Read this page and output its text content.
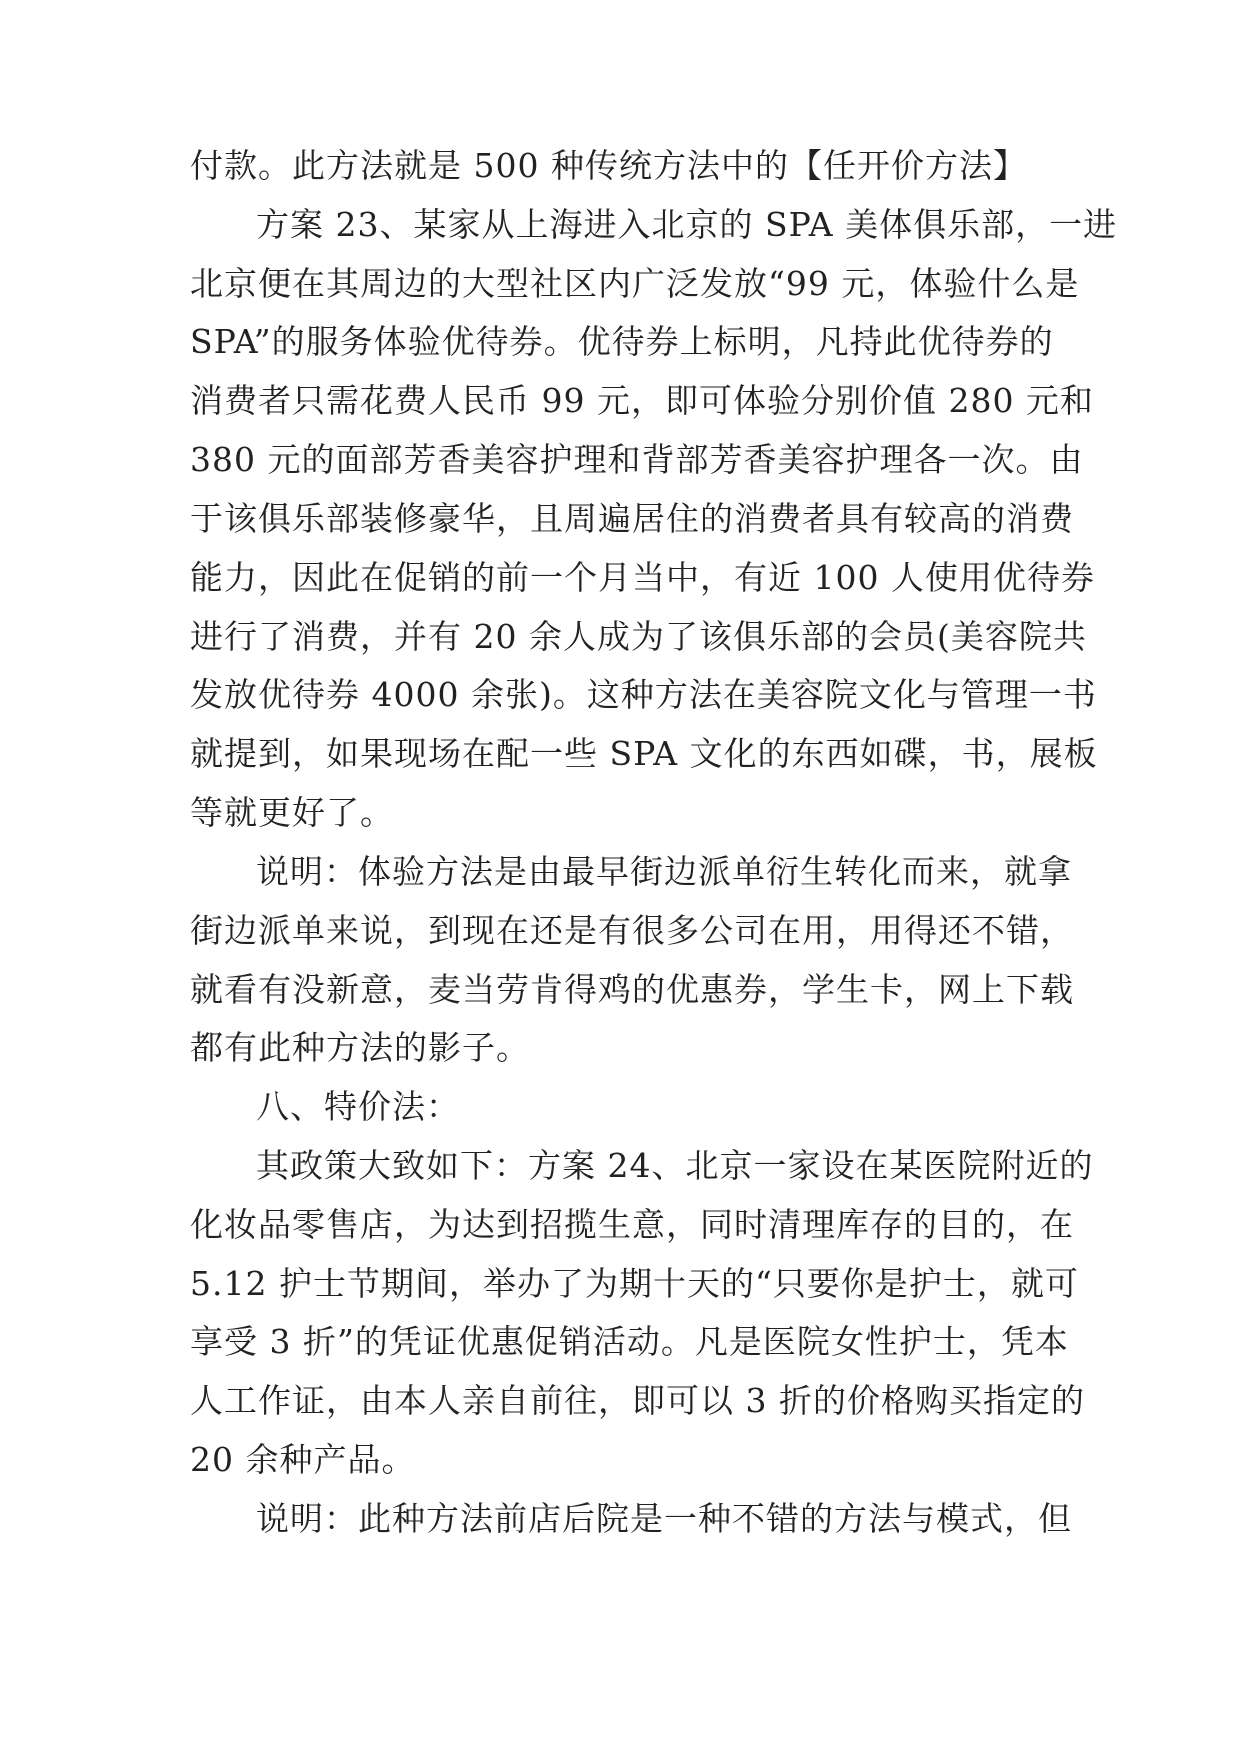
付款。此方法就是 500 种传统方法中的【任开价方法】
方案 23、某家从上海进入北京的 SPA 美体俱乐部，一进
北京便在其周边的大型社区内广泛发放“99 元，体验什么是
SPA”的服务体验优待券。优待券上标明，凡持此优待券的
消费者只需花费人民币 99 元，即可体验分别价值 280 元和
380 元的面部芳香美容护理和背部芳香美容护理各一次。由
于该俱乐部装修豪华，且周遍居住的消费者具有较高的消费
能力，因此在促销的前一个月当中，有近 100 人使用优待券
进行了消费，并有 20 余人成为了该俱乐部的会员(美容院共
发放优待券 4000 余张)。这种方法在美容院文化与管理一书
就提到，如果现场在配一些 SPA 文化的东西如碟，书，展板
等就更好了。
说明：体验方法是由最早街边派单衍生转化而来，就拿
街边派单来说，到现在还是有很多公司在用，用得还不错，
就看有没新意，麦当劳肯得鸡的优惠券，学生卡，网上下载
都有此种方法的影子。
八、特价法：
其政策大致如下：方案 24、北京一家设在某医院附近的
化妆品零售店，为达到招揽生意，同时清理库存的目的，在
5.12 护士节期间，举办了为期十天的“只要你是护士，就可
享受 3 折”的凭证优惠促销活动。凡是医院女性护士，凭本
人工作证，由本人亲自前往，即可以 3 折的价格购买指定的
20 余种产品。
说明：此种方法前店后院是一种不错的方法与模式，但
